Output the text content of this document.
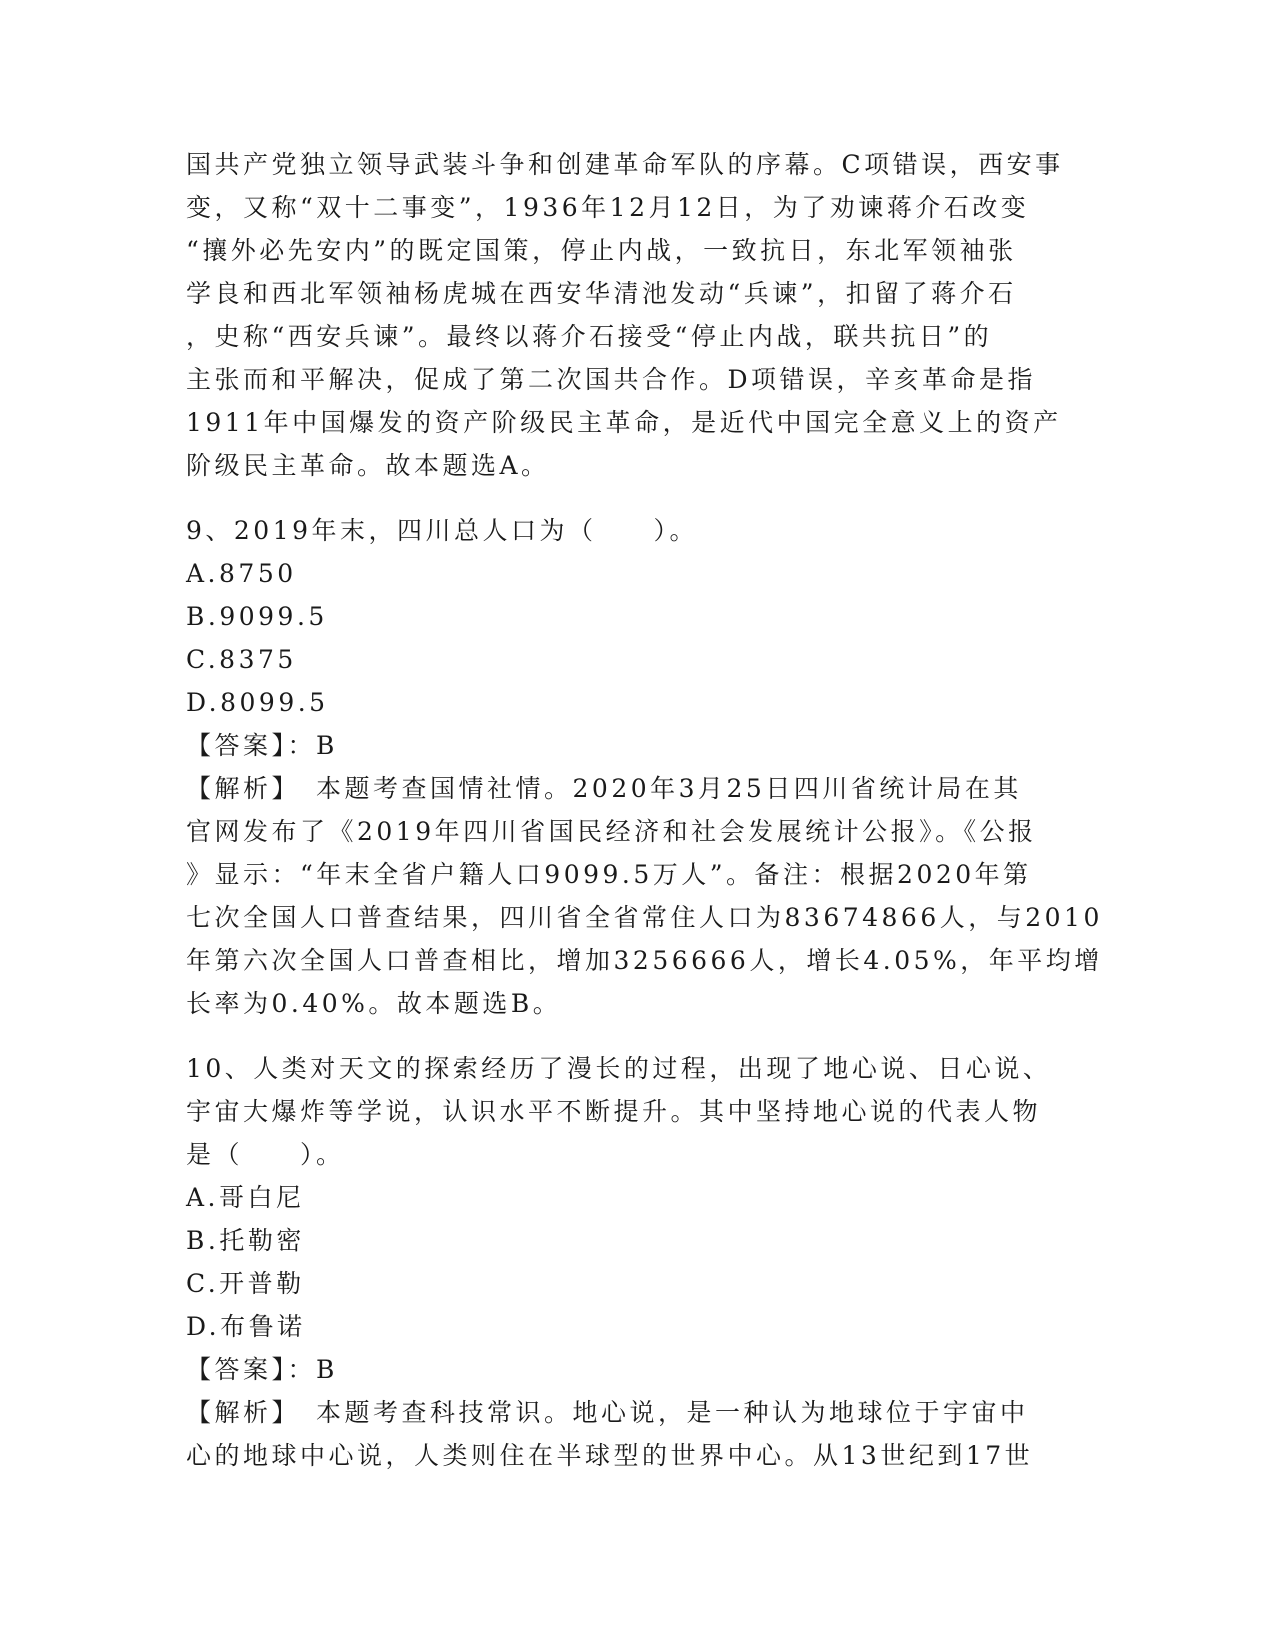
国共产党独立领导武装斗争和创建革命军队的序幕。C项错误，西安事
变，又称“双十二事变”，1936年12月12日，为了劝谏蒋介石改变
“攘外必先安内”的既定国策，停止内战，一致抗日，东北军领袖张
学良和西北军领袖杨虎城在西安华清池发动“兵谏”，扣留了蒋介石
，史称“西安兵谏”。最终以蒋介石接受“停止内战，联共抗日”的
主张而和平解决，促成了第二次国共合作。D项错误，辛亥革命是指
1911年中国爆发的资产阶级民主革命，是近代中国完全意义上的资产
阶级民主革命。故本题选A。
9、2019年末，四川总人口为（　　）。
A.8750
B.9099.5
C.8375
D.8099.5
【答案】：B
【解析】　本题考查国情社情。2020年3月25日四川省统计局在其
官网发布了《2019年四川省国民经济和社会发展统计公报》。《公报
》显示：“年末全省户籍人口9099.5万人”。备注：根据2020年第
七次全国人口普查结果，四川省全省常住人口为83674866人，与2010
年第六次全国人口普查相比，增加3256666人，增长4.05%，年平均增
长率为0.40%。故本题选B。
10、人类对天文的探索经历了漫长的过程，出现了地心说、日心说、
宇宙大爆炸等学说，认识水平不断提升。其中坚持地心说的代表人物
是（　　）。
A.哥白尼
B.托勒密
C.开普勒
D.布鲁诺
【答案】：B
【解析】　本题考查科技常识。地心说，是一种认为地球位于宇宙中
心的地球中心说，人类则住在半球型的世界中心。从13世纪到17世
